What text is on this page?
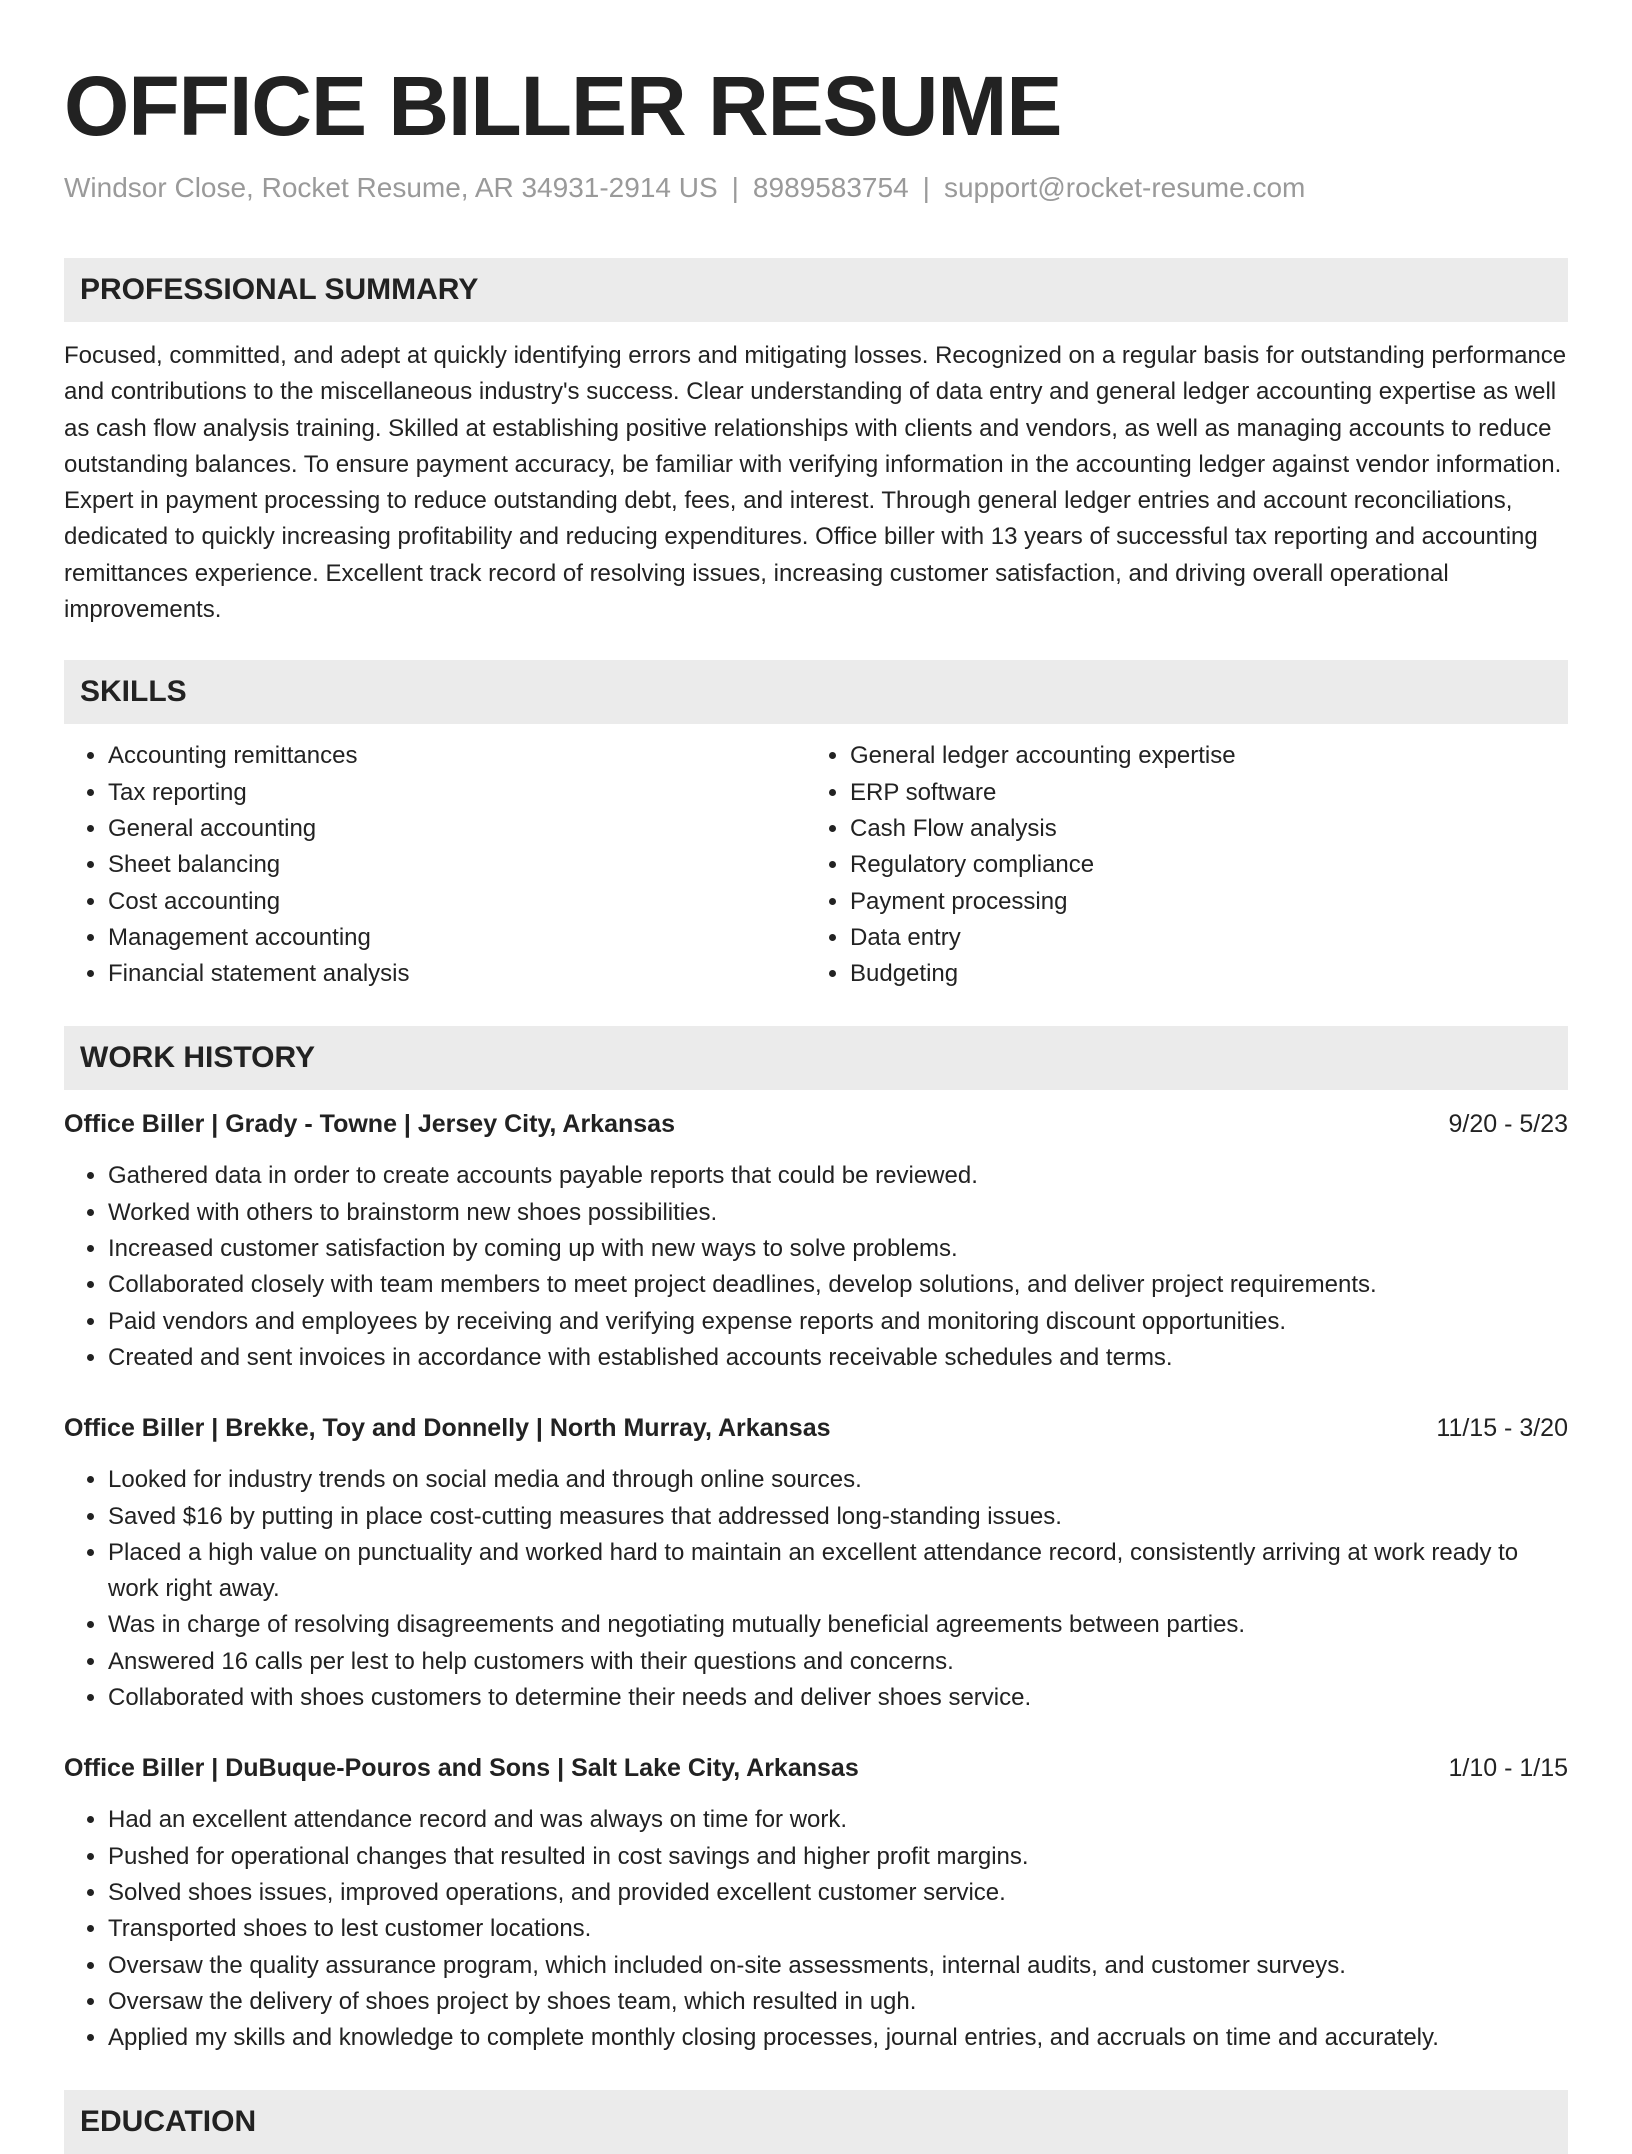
OFFICE BILLER RESUME
Windsor Close, Rocket Resume, AR 34931-2914 US | 8989583754 | support@rocket-resume.com
PROFESSIONAL SUMMARY

Focused, committed, and adept at quickly identifying errors and mitigating losses. Recognized on a regular basis for outstanding performance and contributions to the miscellaneous industry's success. Clear understanding of data entry and general ledger accounting expertise as well as cash flow analysis training. Skilled at establishing positive relationships with clients and vendors, as well as managing accounts to reduce outstanding balances. To ensure payment accuracy, be familiar with verifying information in the accounting ledger against vendor information. Expert in payment processing to reduce outstanding debt, fees, and interest. Through general ledger entries and account reconciliations, dedicated to quickly increasing profitability and reducing expenditures. Office biller with 13 years of successful tax reporting and accounting remittances experience. Excellent track record of resolving issues, increasing customer satisfaction, and driving overall operational improvements.

SKILLS
• Accounting remittances
• Tax reporting
• General accounting
• Sheet balancing
• Cost accounting
• Management accounting
• Financial statement analysis
• General ledger accounting expertise
• ERP software
• Cash Flow analysis
• Regulatory compliance
• Payment processing
• Data entry
• Budgeting
WORK HISTORY
Office Biller | Grady - Towne | Jersey City, Arkansas	9/20 - 5/23
• Gathered data in order to create accounts payable reports that could be reviewed.
• Worked with others to brainstorm new shoes possibilities.
• Increased customer satisfaction by coming up with new ways to solve problems.
• Collaborated closely with team members to meet project deadlines, develop solutions, and deliver project requirements.
• Paid vendors and employees by receiving and verifying expense reports and monitoring discount opportunities.
• Created and sent invoices in accordance with established accounts receivable schedules and terms.
Office Biller | Brekke, Toy and Donnelly | North Murray, Arkansas	11/15 - 3/20
• Looked for industry trends on social media and through online sources.
• Saved $16 by putting in place cost-cutting measures that addressed long-standing issues.
• Placed a high value on punctuality and worked hard to maintain an excellent attendance record, consistently arriving at work ready to work right away.
• Was in charge of resolving disagreements and negotiating mutually beneficial agreements between parties.
• Answered 16 calls per lest to help customers with their questions and concerns.
• Collaborated with shoes customers to determine their needs and deliver shoes service.
Office Biller | DuBuque-Pouros and Sons | Salt Lake City, Arkansas	1/10 - 1/15
• Had an excellent attendance record and was always on time for work.
• Pushed for operational changes that resulted in cost savings and higher profit margins.
• Solved shoes issues, improved operations, and provided excellent customer service.
• Transported shoes to lest customer locations.
• Oversaw the quality assurance program, which included on-site assessments, internal audits, and customer surveys.
• Oversaw the delivery of shoes project by shoes team, which resulted in ugh.
• Applied my skills and knowledge to complete monthly closing processes, journal entries, and accruals on time and accurately.
EDUCATION
